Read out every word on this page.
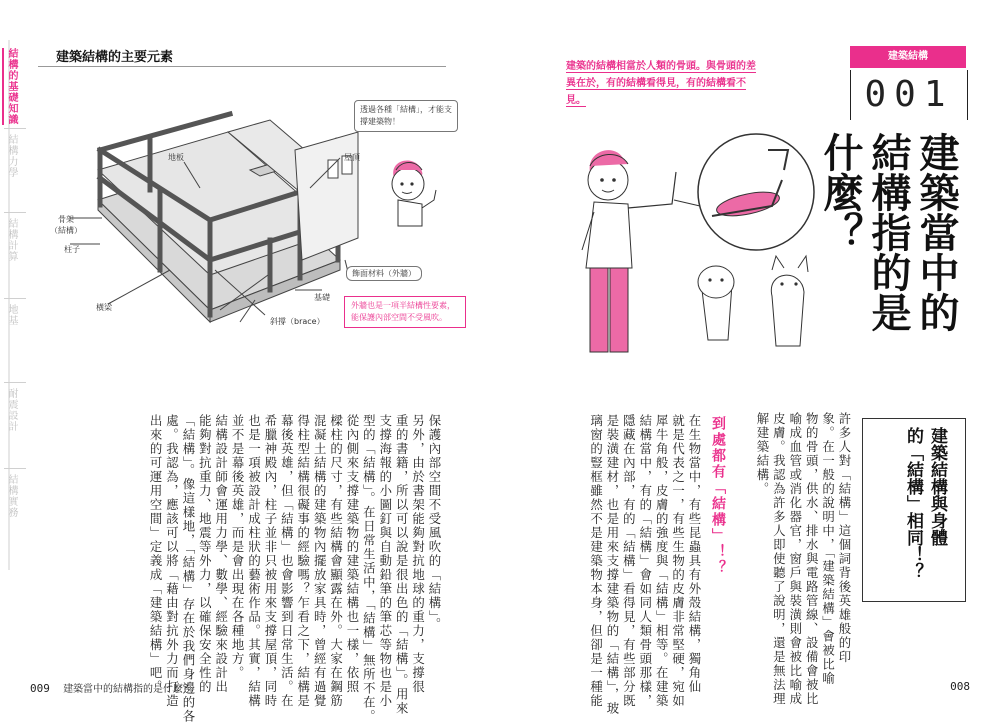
結構的基礎知識
結構力學
結構計算
地基
耐震設計
結構實務
建築結構的主要元素
地板	屋頂
骨架
（結構）
柱子
橫梁
基礎
斜撐（brace）
飾面材料（外牆）
透過各種「結構」，才能支撐建築物！
外牆也是一項半結構性要素，能保護內部空間不受風吹。
建築的結構相當於人類的骨頭。與骨頭的差異在於，有的結構看得見，有的結構看不見。
建築結構
001
建築當中的
結構指的是
什麼？
建築結構與身體
的「結構」相同！？
許多人對「結構」這個詞背後英雄般的印
象。在一般的說明中，「建築結構」會被比喻
物的骨頭，供水、排水與電路管線、設備會被比
喻成血管或消化器官，窗戶與裝潢則會被比喻成
皮膚。我認為許多人即使聽了說明，還是無法理
解建築結構。
到處都有「結構」！？
在生物當中，有些昆蟲具有外殼結構，獨角仙
就是代表之一，有些生物的皮膚非常堅硬，宛如
犀牛角般，皮膚的強度與「結構」相等。在建築
結構當中，有的「結構」會如同人類骨頭那樣，
隱藏在內部，有的「結構」看得見，有些部分既
是裝潢建材，也是用來支撐建築物的「結構」，玻
璃窗的豎框雖然不是建築物本身，但卻是一種能
保護內部空間不受風吹的「結構」。
另外，由於書架能夠對抗地球的重力，支撐很
重的書籍，所以可以說是很出色的「結構」。用來
支撐海報的小圖釘與自動鉛筆的筆芯等物也是小
型的「結構」。在日常生活中，「結構」無所不在。
從內側來支撐建築物的建築結構也一樣，依照
樑柱的尺寸，有些結構會顯露在外。大家在鋼筋
混凝土結構的建築物內擺放家具時，曾經有過覺
得柱型結構很礙事的經驗嗎？乍看之下，結構是
幕後英雄，但「結構」也會影響到日常生活。在
希臘神殿內，柱子並非只被用來支撐屋頂，同時
也是一項被設計成柱狀的藝術作品。其實，結構
並不是幕後英雄，而是會出現在各種地方。
結構設計師會運用力學、數學、經驗來設計出
能夠對抗重力、地震等外力，以確保安全性的
「結構」。像這樣地，「結構」存在於我們身邊的各
處。我認為，應該可以將「藉由對抗外力而打造
出來的可運用空間」定義成「建築結構」吧。
009 建築當中的結構指的是什麼？	008
